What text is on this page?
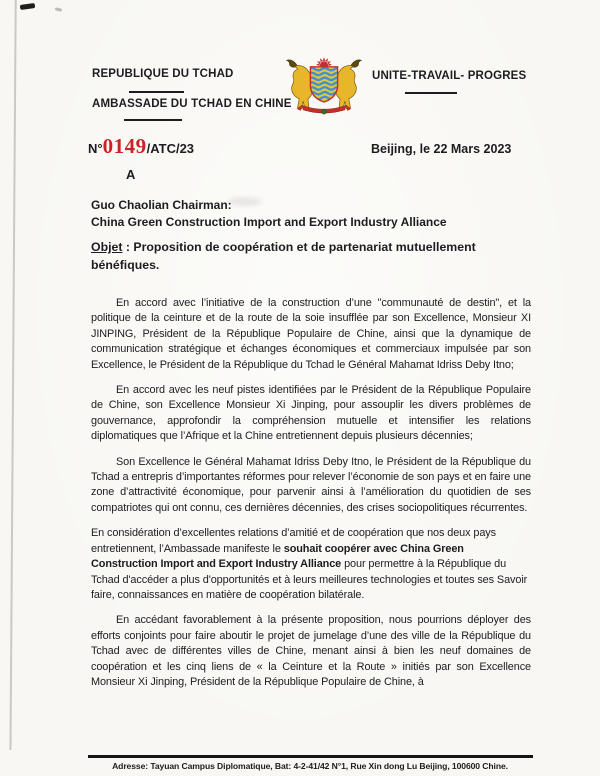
REPUBLIQUE DU TCHAD
AMBASSADE DU TCHAD EN CHINE
UNITE-TRAVAIL- PROGRES
N°0149/ATC/23	Beijing, le 22 Mars 2023
A
Guo Chaolian Chairman:
China Green Construction Import and Export Industry Alliance
Objet : Proposition de coopération et de partenariat mutuellement bénéfiques.

En accord avec l’initiative de la construction d’une "communauté de destin", et la politique de la ceinture et de la route de la soie insufflée par son Excellence, Monsieur XI JINPING, Président de la République Populaire de Chine, ainsi que la dynamique de communication stratégique et échanges économiques et commerciaux impulsée par son Excellence, le Président de la République du Tchad le Général Mahamat Idriss Deby Itno;

En accord avec les neuf pistes identifiées par le Président de la République Populaire de Chine, son Excellence Monsieur Xi Jinping, pour assouplir les divers problèmes de gouvernance, approfondir la compréhension mutuelle et intensifier les relations diplomatiques que l’Afrique et la Chine entretiennent depuis plusieurs décennies;

Son Excellence le Général Mahamat Idriss Deby Itno, le Président de la République du Tchad a entrepris d’importantes réformes pour relever l’économie de son pays et en faire une zone d’attractivité économique, pour parvenir ainsi à l’amélioration du quotidien de ses compatriotes qui ont connu, ces dernières décennies, des crises sociopolitiques récurrentes.

En considération d’excellentes relations d’amitié et de coopération que nos deux pays entretiennent, l’Ambassade manifeste le souhait coopérer avec China Green Construction Import and Export Industry Alliance pour permettre à la République du Tchad d'accéder a plus d'opportunités et à leurs meilleures technologies et toutes ses Savoir faire, connaissances en matière de coopération bilatérale.

En accédant favorablement à la présente proposition, nous pourrions déployer des efforts conjoints pour faire aboutir le projet de jumelage d’une des ville de la République du Tchad avec de différentes villes de Chine, menant ainsi à bien les neuf domaines de coopération et les cinq liens de « la Ceinture et la Route » initiés par son Excellence Monsieur Xi Jinping, Président de la République Populaire de Chine, à

Adresse: Tayuan Campus Diplomatique, Bat: 4-2-41/42 N°1, Rue Xin dong Lu Beijing, 100600 Chine.
